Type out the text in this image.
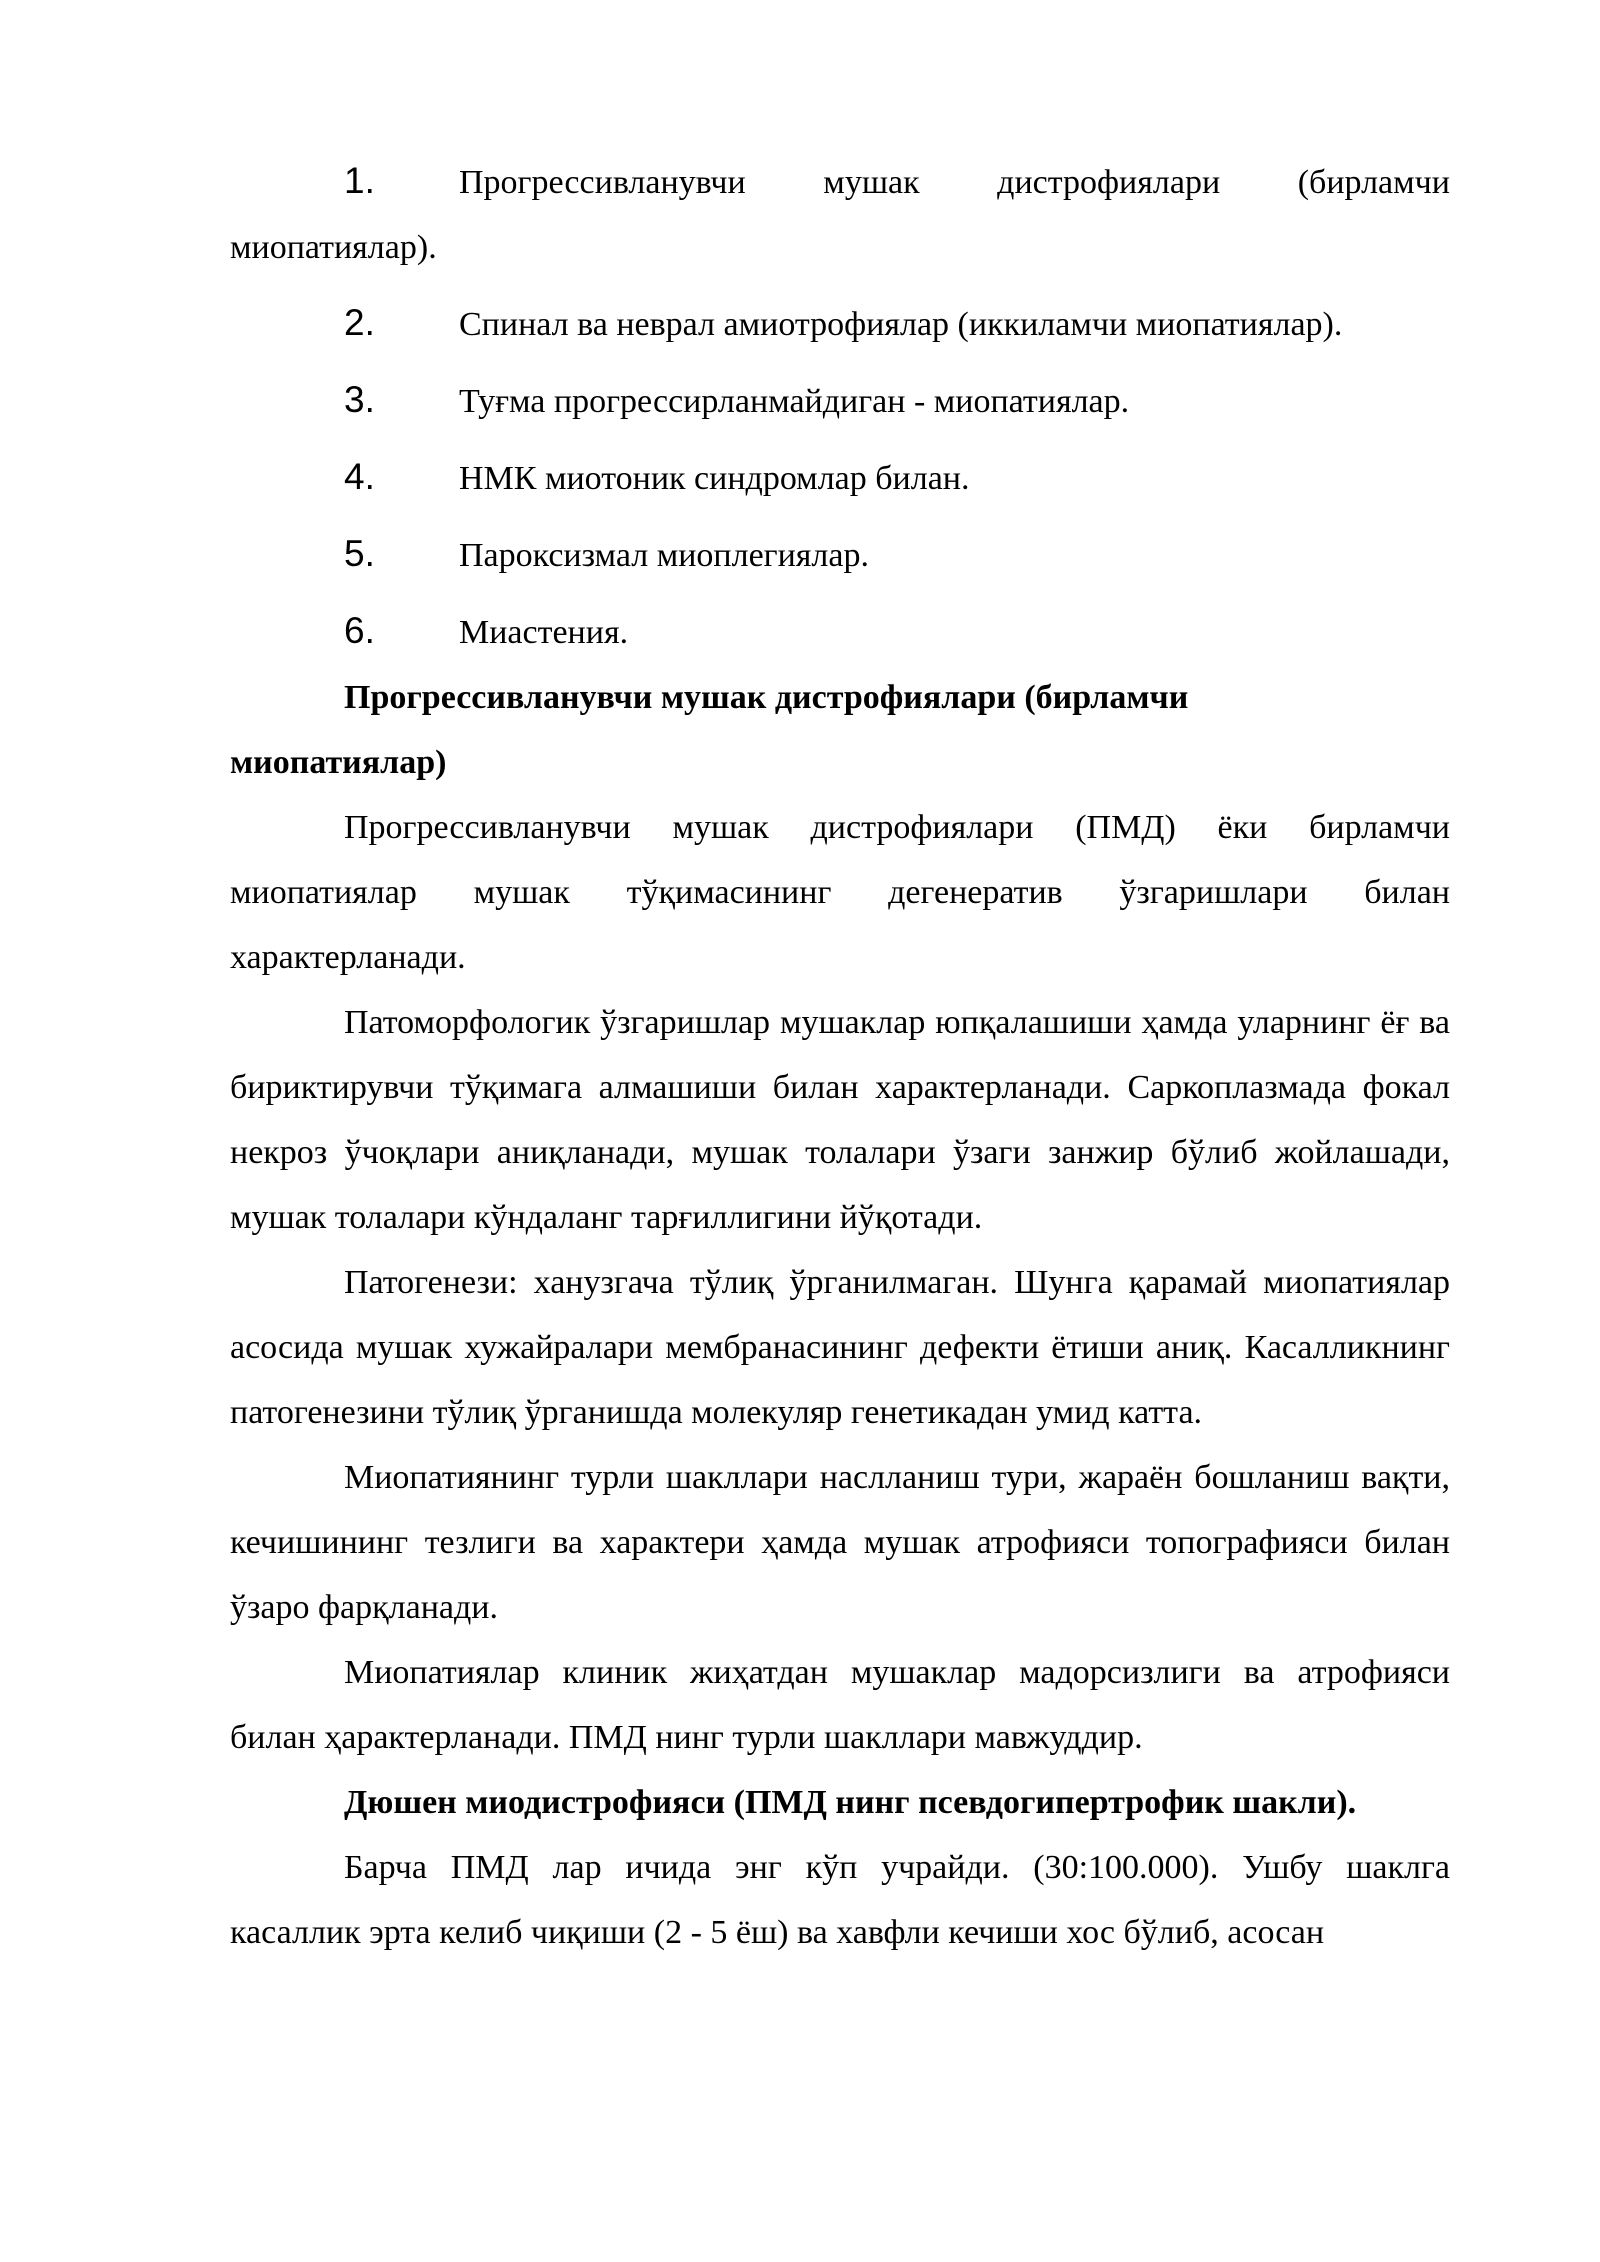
1.	Прогрессивланувчи мушак дистрофиялари (бирламчи
миопатиялар).
2.	Спинал ва неврал амиотрофиялар (иккиламчи миопатиялар).
3.	Туғма прогрессирланмайдиган - миопатиялар.
4.	НМК миотоник синдромлар билан.
5.	Пароксизмал миоплегиялар.
6.	Миастения.

Прогрессивланувчи мушак дистрофиялари (бирламчи миопатиялар)

Прогрессивланувчи мушак дистрофиялари (ПМД) ёки бирламчи миопатиялар мушак тўқимасининг дегенератив ўзгаришлари билан характерланади.

Патоморфологик ўзгаришлар мушаклар юпқалашиши ҳамда уларнинг ёғ ва бириктирувчи тўқимага алмашиши билан характерланади. Саркоплазмада фокал некроз ўчоқлари аниқланади, мушак толалари ўзаги занжир бўлиб жойлашади, мушак толалари кўндаланг тарғиллигини йўқотади.

Патогенези: ханузгача тўлиқ ўрганилмаган. Шунга қарамай миопатиялар асосида мушак хужайралари мембранасининг дефекти ётиши аниқ. Касалликнинг патогенезини тўлиқ ўрганишда молекуляр генетикадан умид катта.

Миопатиянинг турли шакллари наслланиш тури, жараён бошланиш вақти, кечишининг тезлиги ва характери ҳамда мушак атрофияси топографияси билан ўзаро фарқланади.

Миопатиялар клиник жиҳатдан мушаклар мадорсизлиги ва атрофияси билан ҳарактерланади. ПМД нинг турли шакллари мавжуддир.

Дюшен миодистрофияси (ПМД нинг псевдогипертрофик шакли).

Барча ПМД лар ичида энг кўп учрайди. (30:100.000). Ушбу шаклга касаллик эрта келиб чиқиши (2 - 5 ёш) ва хавфли кечиши хос бўлиб, асосан
